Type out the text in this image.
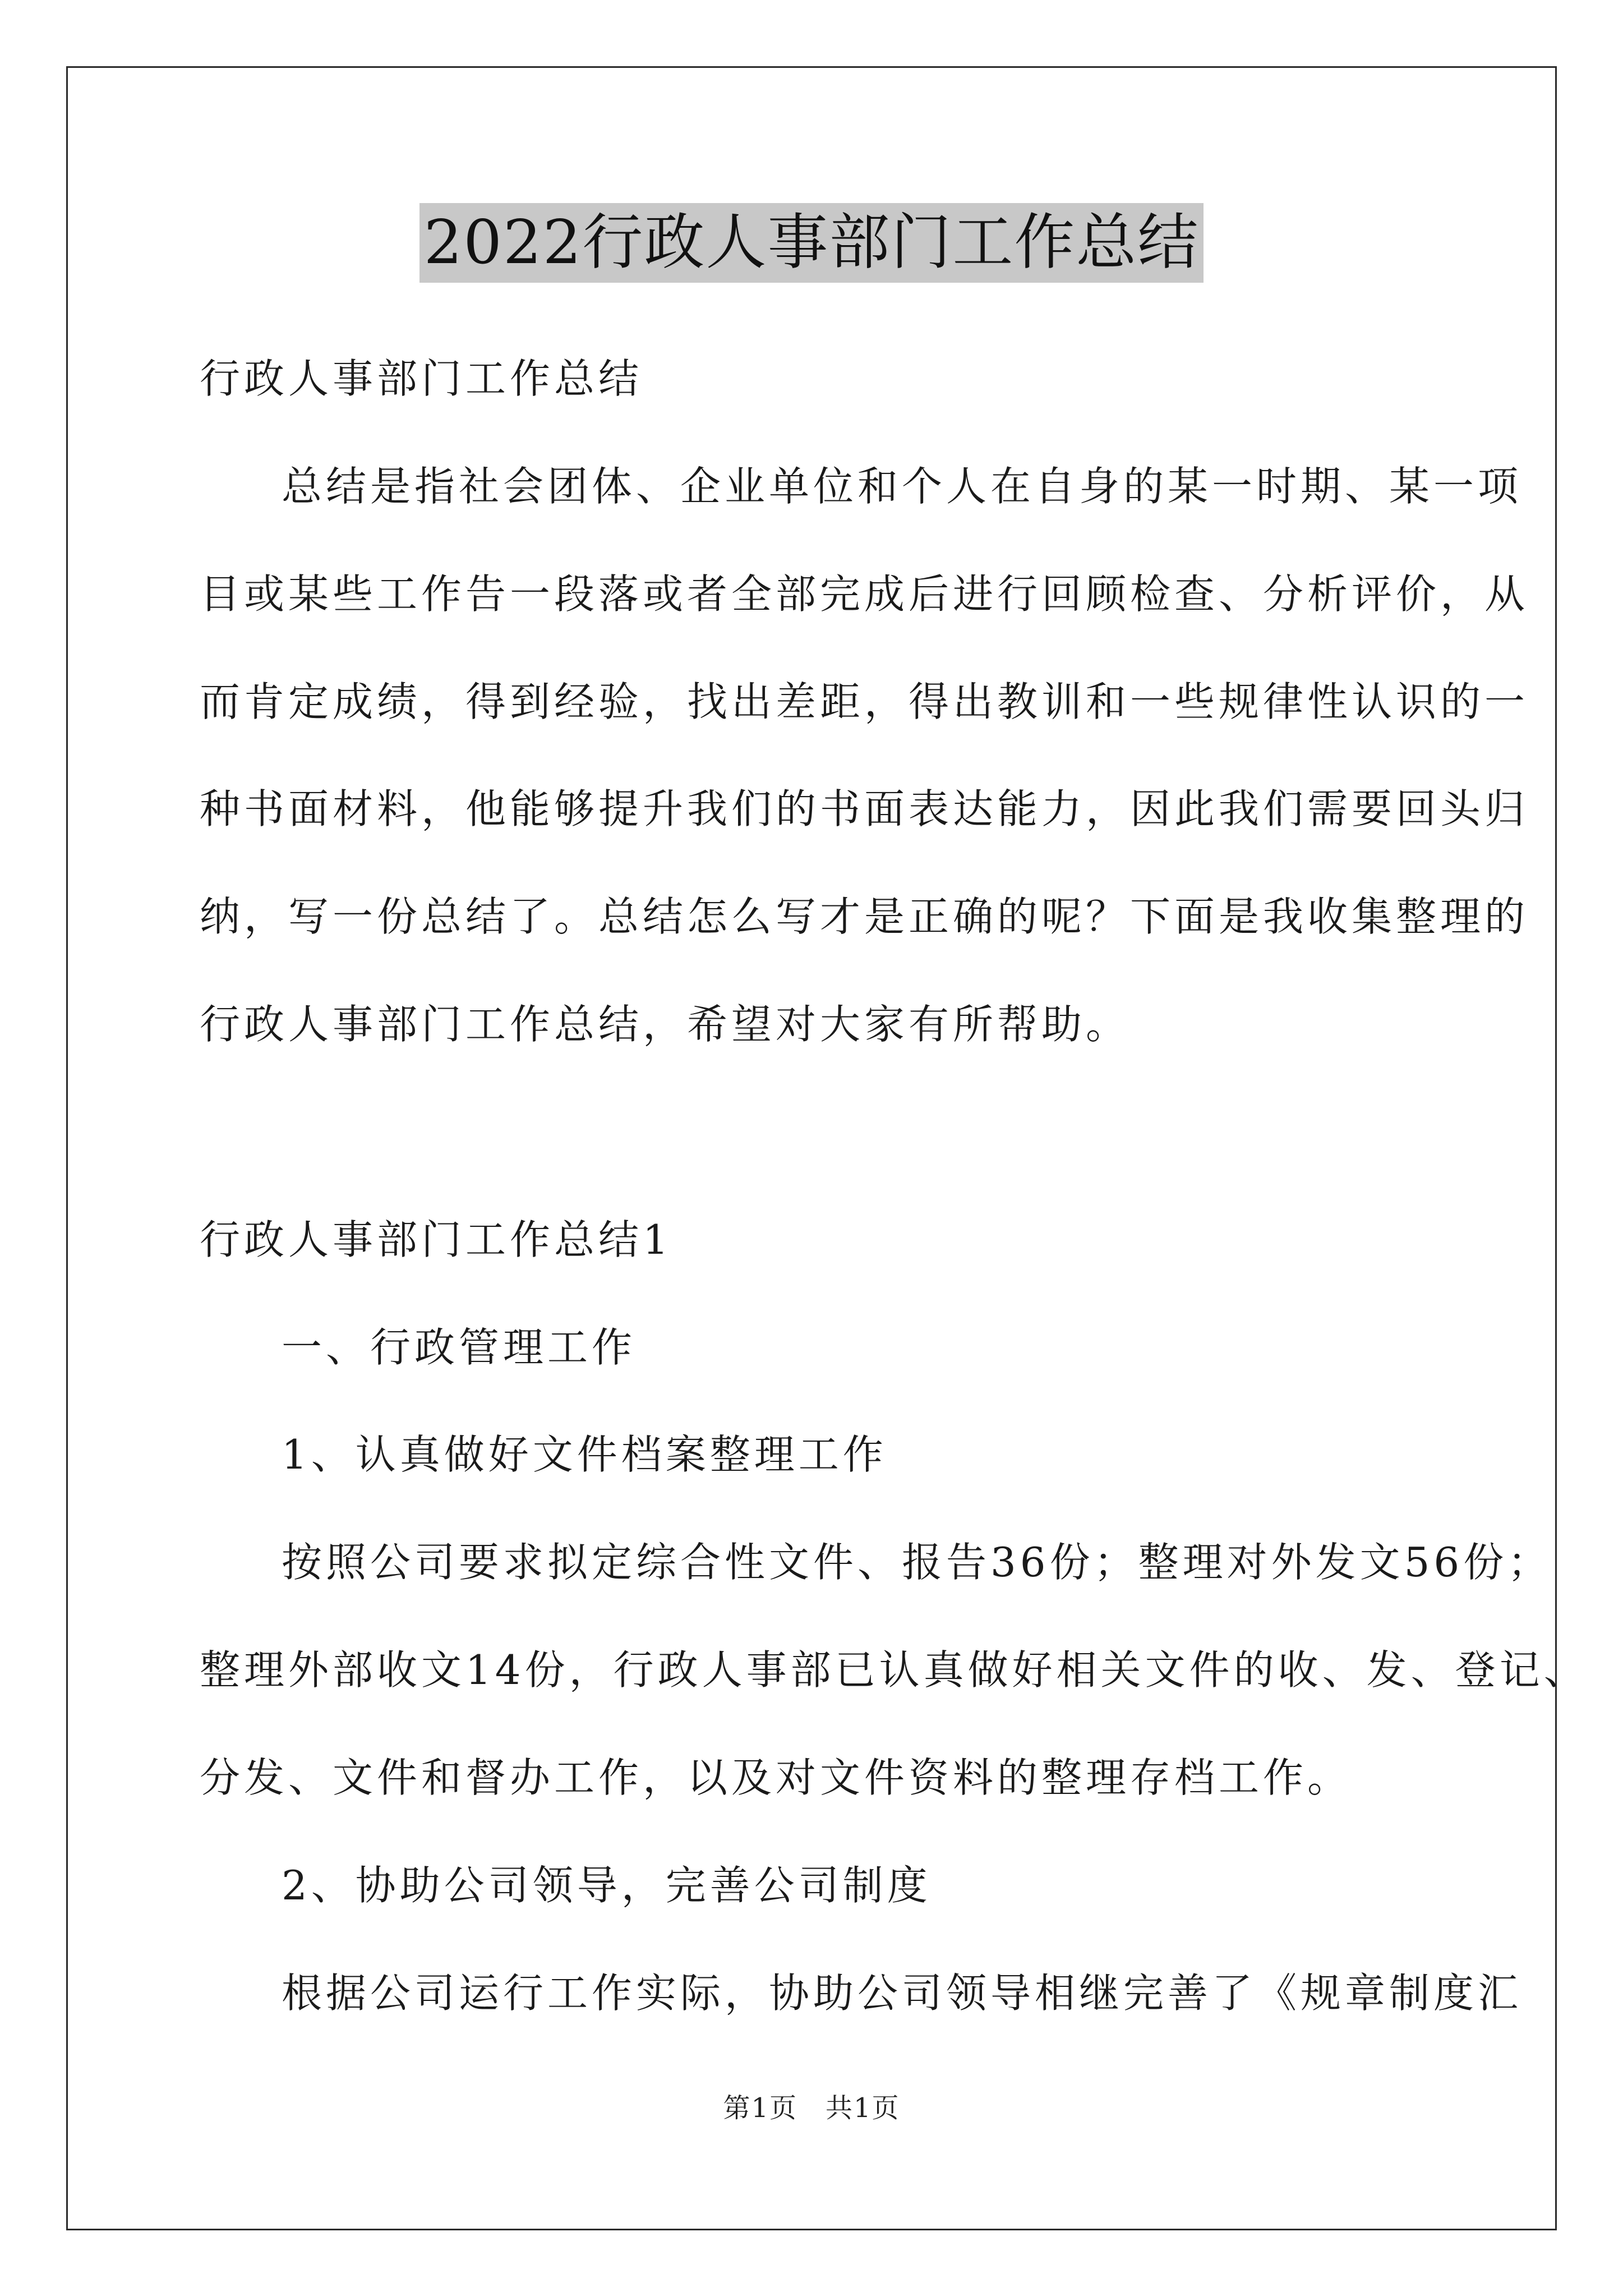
2022行政人事部门工作总结
行政人事部门工作总结
总结是指社会团体、企业单位和个人在自身的某一时期、某一项
目或某些工作告一段落或者全部完成后进行回顾检查、分析评价，从
而肯定成绩，得到经验，找出差距，得出教训和一些规律性认识的一
种书面材料，他能够提升我们的书面表达能力，因此我们需要回头归
纳，写一份总结了。总结怎么写才是正确的呢？下面是我收集整理的
行政人事部门工作总结，希望对大家有所帮助。
行政人事部门工作总结1
一、行政管理工作
1、认真做好文件档案整理工作
按照公司要求拟定综合性文件、报告36份；整理对外发文56份；
整理外部收文14份，行政人事部已认真做好相关文件的收、发、登记、
分发、文件和督办工作，以及对文件资料的整理存档工作。
2、协助公司领导，完善公司制度
根据公司运行工作实际，协助公司领导相继完善了《规章制度汇
第1页　共1页
